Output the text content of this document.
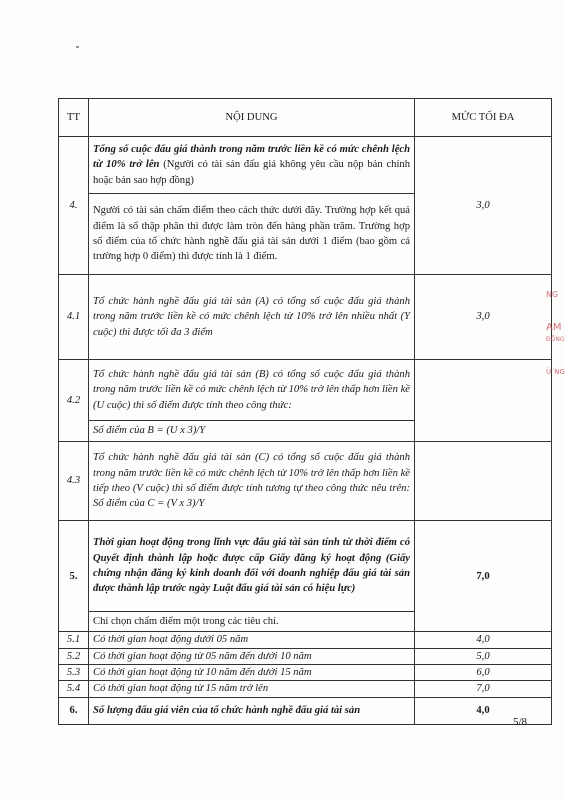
TT	NỘI DUNG	MỨC TỐI ĐA
4.	Tổng số cuộc đấu giá thành trong năm trước liền kề có mức chênh lệch từ 10% trở lên (Người có tài sản đấu giá không yêu cầu nộp bản chính hoặc bản sao hợp đồng)	3,0
	Người có tài sản chấm điểm theo cách thức dưới đây. Trường hợp kết quả điểm là số thập phân thì được làm tròn đến hàng phần trăm. Trường hợp số điểm của tổ chức hành nghề đấu giá tài sản dưới 1 điểm (bao gồm cả trường hợp 0 điểm) thì được tính là 1 điểm.	
4.1	Tổ chức hành nghề đấu giá tài sản (A) có tổng số cuộc đấu giá thành trong năm trước liền kề có mức chênh lệch từ 10% trở lên nhiều nhất (Y cuộc) thì được tối đa 3 điểm	3,0
4.2	Tổ chức hành nghề đấu giá tài sản (B) có tổng số cuộc đấu giá thành trong năm trước liền kề có mức chênh lệch từ 10% trở lên thấp hơn liền kề (U cuộc) thì số điểm được tính theo công thức:	
	Số điểm của B = (U x 3)/Y	
4.3	Tổ chức hành nghề đấu giá tài sản (C) có tổng số cuộc đấu giá thành trong năm trước liền kề có mức chênh lệch từ 10% trở lên thấp hơn liền kề tiếp theo (V cuộc) thì số điểm được tính tương tự theo công thức nêu trên: Số điểm của C = (V x 3)/Y	
5.	Thời gian hoạt động trong lĩnh vực đấu giá tài sản tính từ thời điểm có Quyết định thành lập hoặc được cấp Giấy đăng ký hoạt động (Giấy chứng nhận đăng ký kinh doanh đối với doanh nghiệp đấu giá tài sản được thành lập trước ngày Luật đấu giá tài sản có hiệu lực)	7,0
	Chỉ chọn chấm điểm một trong các tiêu chí.	
5.1	Có thời gian hoạt động dưới 05 năm	4,0
5.2	Có thời gian hoạt động từ 05 năm đến dưới 10 năm	5,0
5.3	Có thời gian hoạt động từ 10 năm đến dưới 15 năm	6,0
5.4	Có thời gian hoạt động từ 15 năm trở lên	7,0
6.	Số lượng đấu giá viên của tổ chức hành nghề đấu giá tài sản	4,0
5/8
NG
AM
ĐỒNG
Ừ NG
